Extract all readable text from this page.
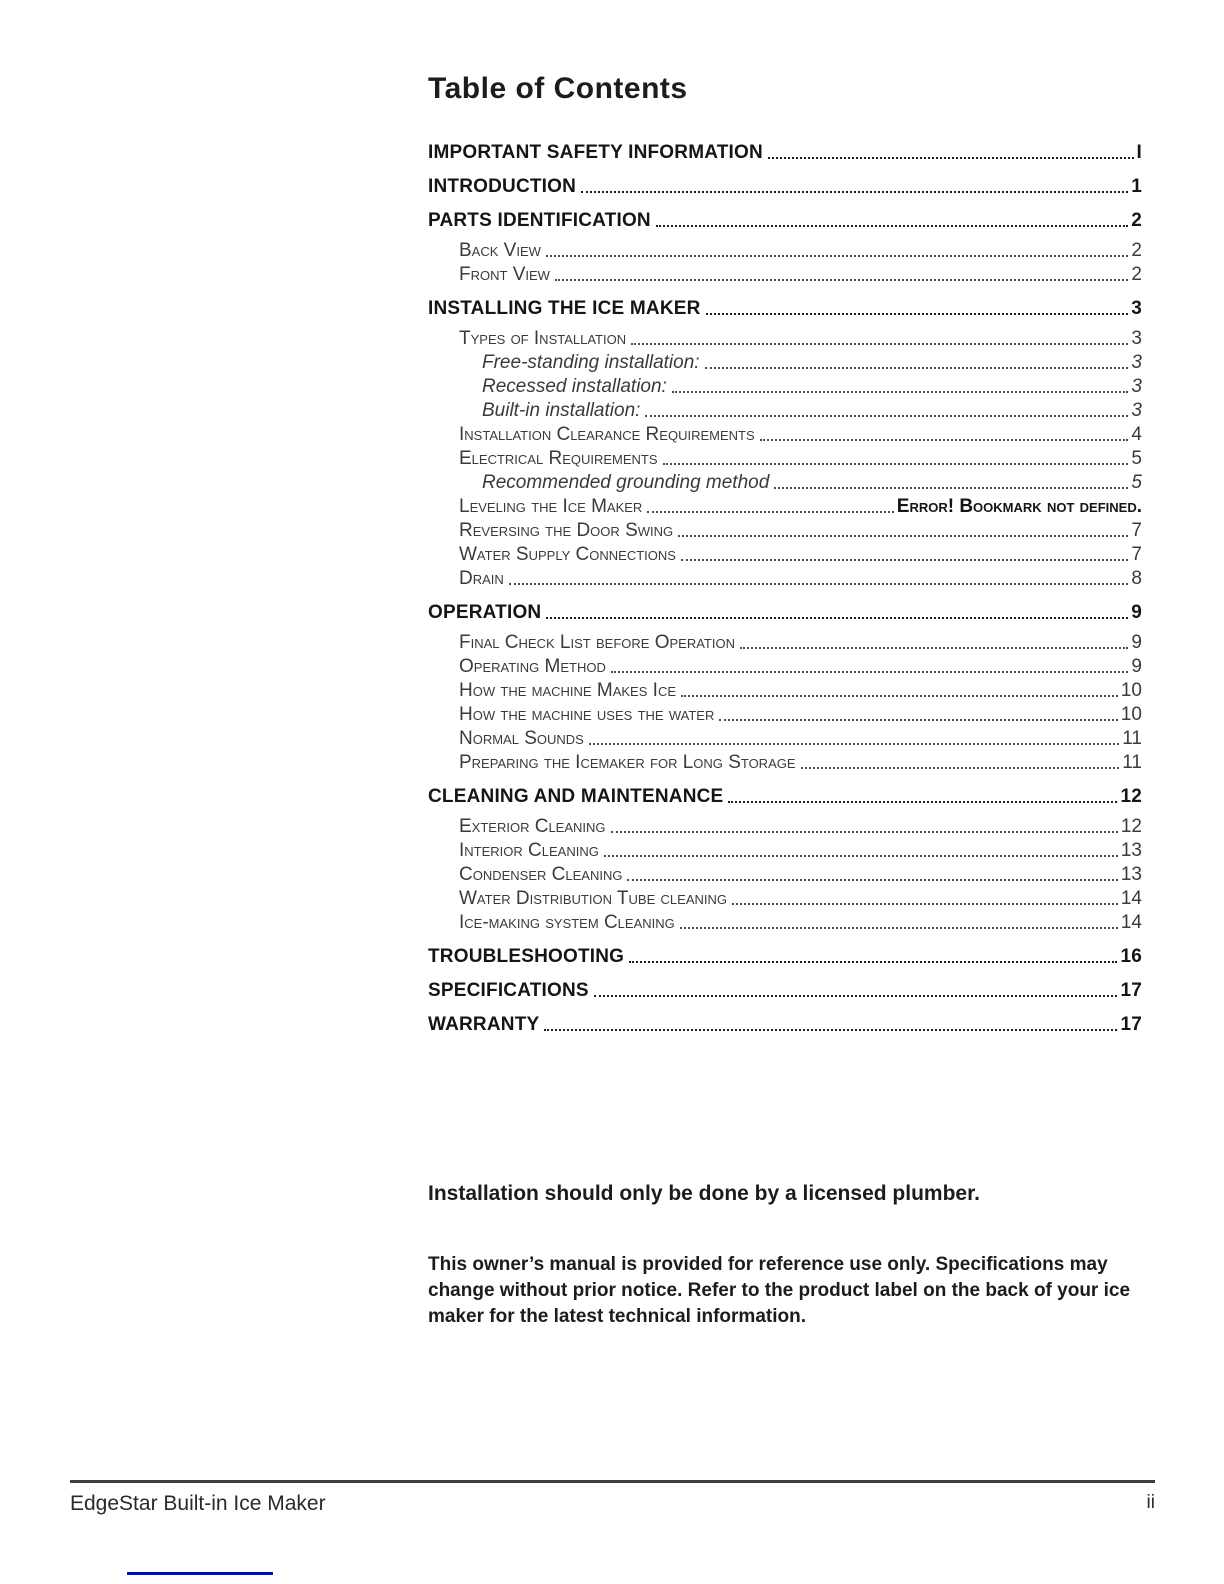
Table of Contents
IMPORTANT SAFETY INFORMATION	I
INTRODUCTION	1
PARTS IDENTIFICATION	2
Back View	2
Front View	2
INSTALLING THE ICE MAKER	3
Types of Installation	3
Free-standing installation:	3
Recessed installation:	3
Built-in installation:	3
Installation Clearance Requirements	4
Electrical Requirements	5
Recommended grounding method	5
Leveling the Ice Maker	Error! Bookmark not defined.
Reversing the Door Swing	7
Water Supply Connections	7
Drain	8
OPERATION	9
Final Check List before Operation	9
Operating Method	9
How the machine Makes Ice	10
How the machine uses the water	10
Normal Sounds	11
Preparing the Icemaker for Long Storage	11
CLEANING AND MAINTENANCE	12
Exterior Cleaning	12
Interior Cleaning	13
Condenser Cleaning	13
Water Distribution Tube cleaning	14
Ice-making system Cleaning	14
TROUBLESHOOTING	16
SPECIFICATIONS	17
WARRANTY	17

Installation should only be done by a licensed plumber.

This owner’s manual is provided for reference use only. Specifications may change without prior notice. Refer to the product label on the back of your ice maker for the latest technical information.

EdgeStar Built-in Ice Maker	ii
